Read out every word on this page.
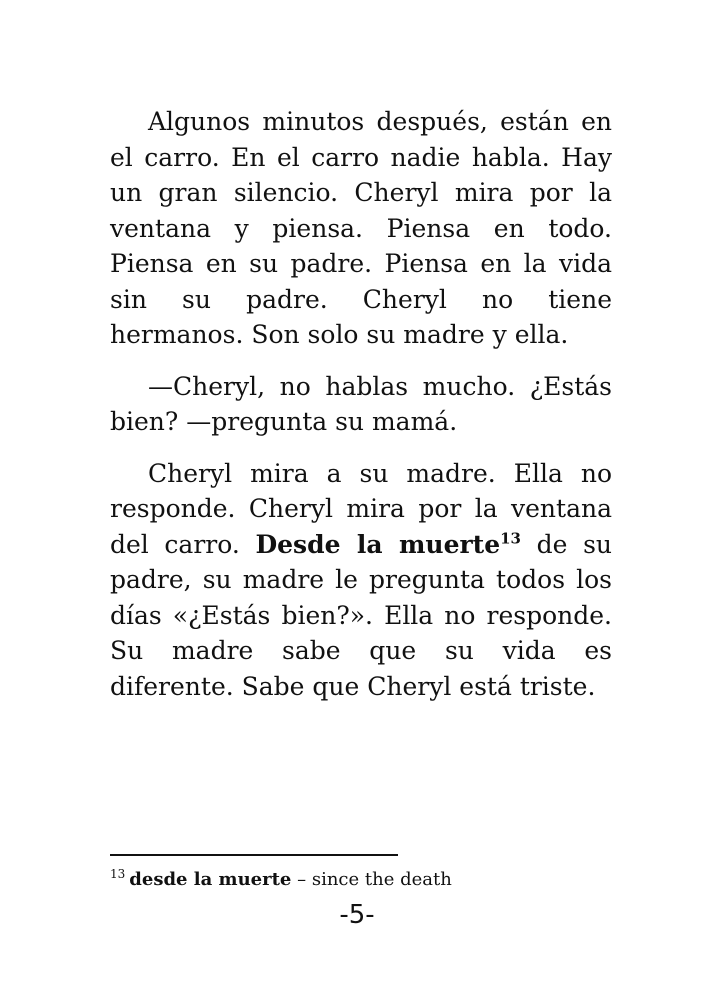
Algunos minutos después, están en el carro. En el carro nadie habla. Hay un gran silencio. Cheryl mira por la ventana y piensa. Piensa en todo. Piensa en su padre. Piensa en la vida sin su padre. Cheryl no tiene hermanos. Son solo su madre y ella.

—Cheryl, no hablas mucho. ¿Estás bien? —pregunta su mamá.

Cheryl mira a su madre. Ella no responde. Cheryl mira por la ventana del carro. Desde la muerte$^{13}$ de su padre, su madre le pregunta todos los días «¿Estás bien?». Ella no responde. Su madre sabe que su vida es diferente. Sabe que Cheryl está triste.

$^{13}$ desde la muerte – since the death
-5-
